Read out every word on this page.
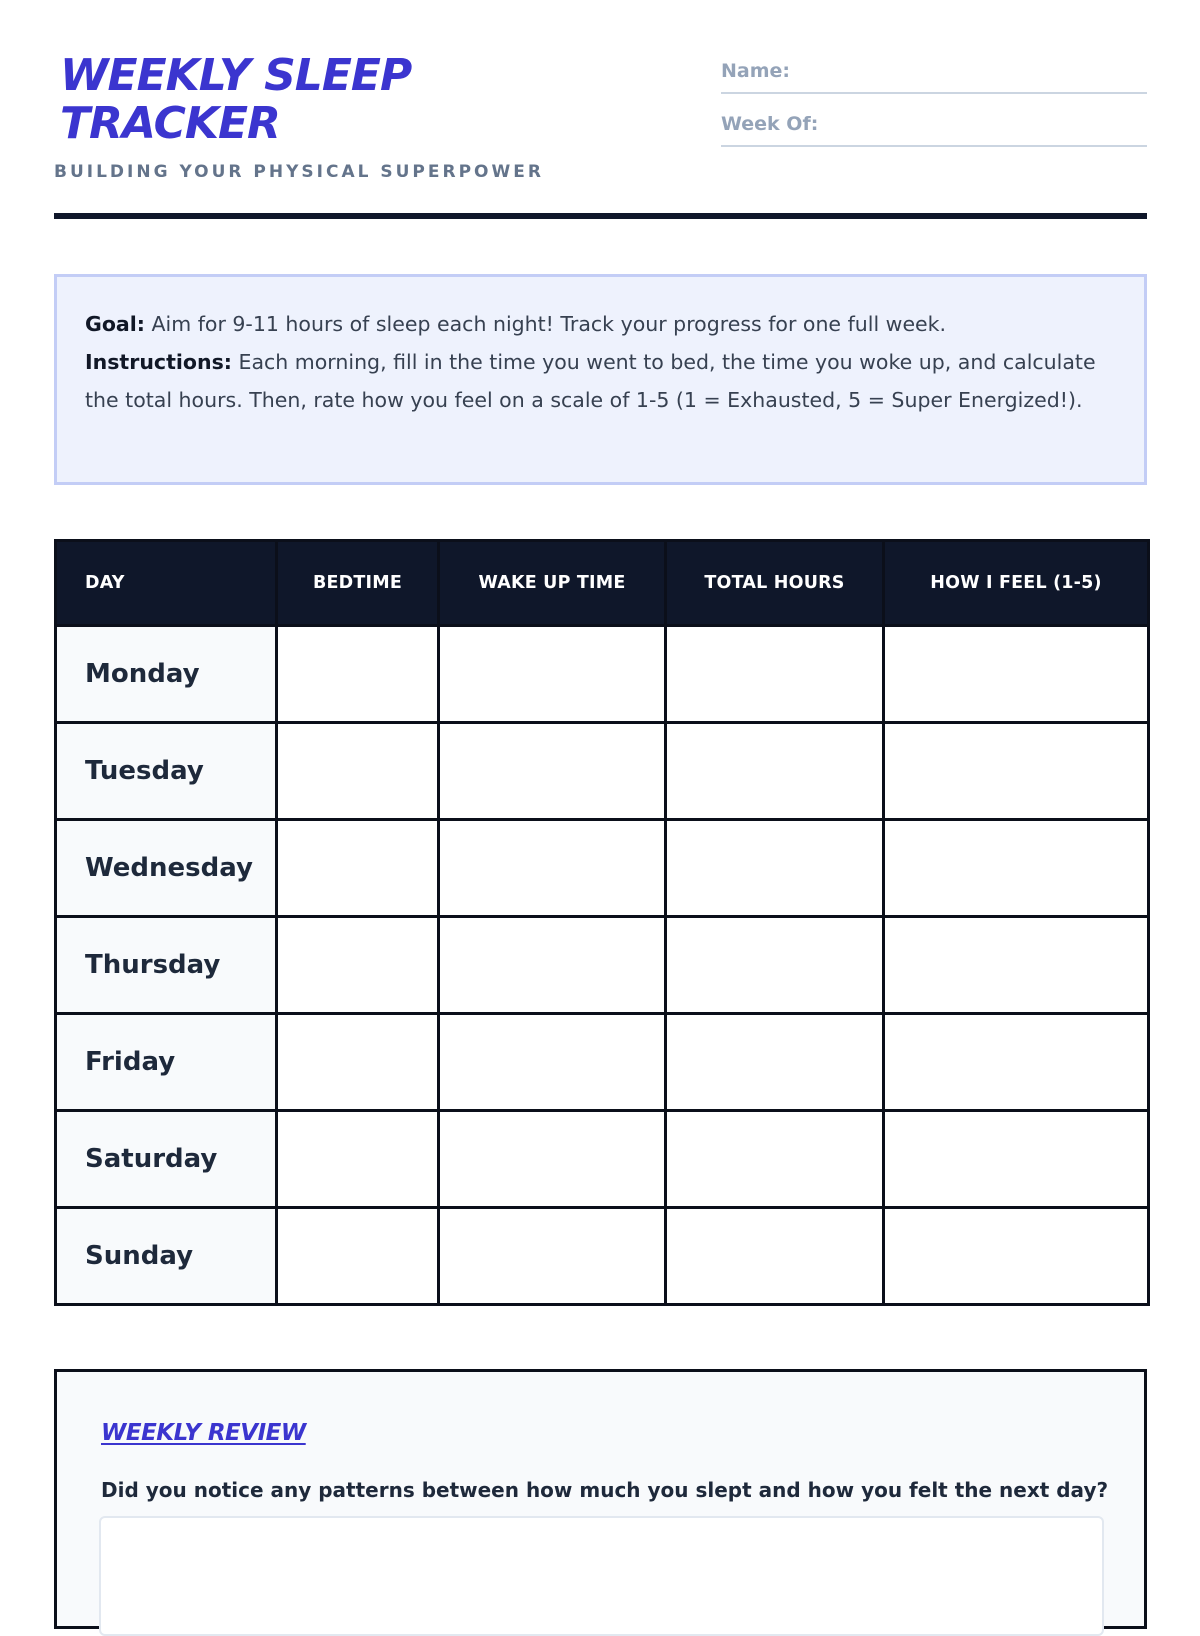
WEEKLY SLEEP TRACKER
BUILDING YOUR PHYSICAL SUPERPOWER
Name:
Week Of:
Goal: Aim for 9-11 hours of sleep each night! Track your progress for one full week.
Instructions: Each morning, fill in the time you went to bed, the time you woke up, and calculate the total hours. Then, rate how you feel on a scale of 1-5 (1 = Exhausted, 5 = Super Energized!).
DAY	BEDTIME	WAKE UP TIME	TOTAL HOURS	HOW I FEEL (1-5)
Monday				
Tuesday				
Wednesday				
Thursday				
Friday				
Saturday				
Sunday				
WEEKLY REVIEW
Did you notice any patterns between how much you slept and how you felt the next day?
